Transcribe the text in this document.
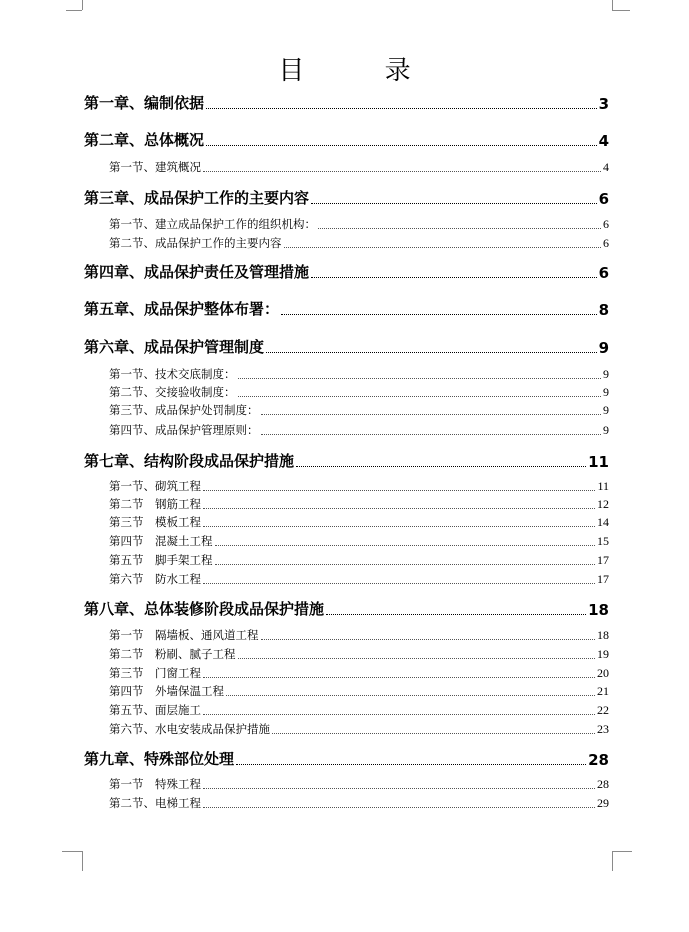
目 录
第一章、编制依据	3
第二章、总体概况	4
第一节、建筑概况	4
第三章、成品保护工作的主要内容	6
第一节、建立成品保护工作的组织机构：	6
第二节、成品保护工作的主要内容	6
第四章、成品保护责任及管理措施	6
第五章、成品保护整体布署：	8
第六章、成品保护管理制度	9
第一节、技术交底制度：	9
第二节、交接验收制度：	9
第三节、成品保护处罚制度：	9
第四节、成品保护管理原则：	9
第七章、结构阶段成品保护措施	11
第一节、砌筑工程	11
第二节　钢筋工程	12
第三节　模板工程	14
第四节　混凝土工程	15
第五节　脚手架工程	17
第六节　防水工程	17
第八章、总体装修阶段成品保护措施	18
第一节　隔墙板、通风道工程	18
第二节　粉刷、腻子工程	19
第三节　门窗工程	20
第四节　外墙保温工程	21
第五节、面层施工	22
第六节、水电安装成品保护措施	23
第九章、特殊部位处理	28
第一节　特殊工程	28
第二节、电梯工程	29
